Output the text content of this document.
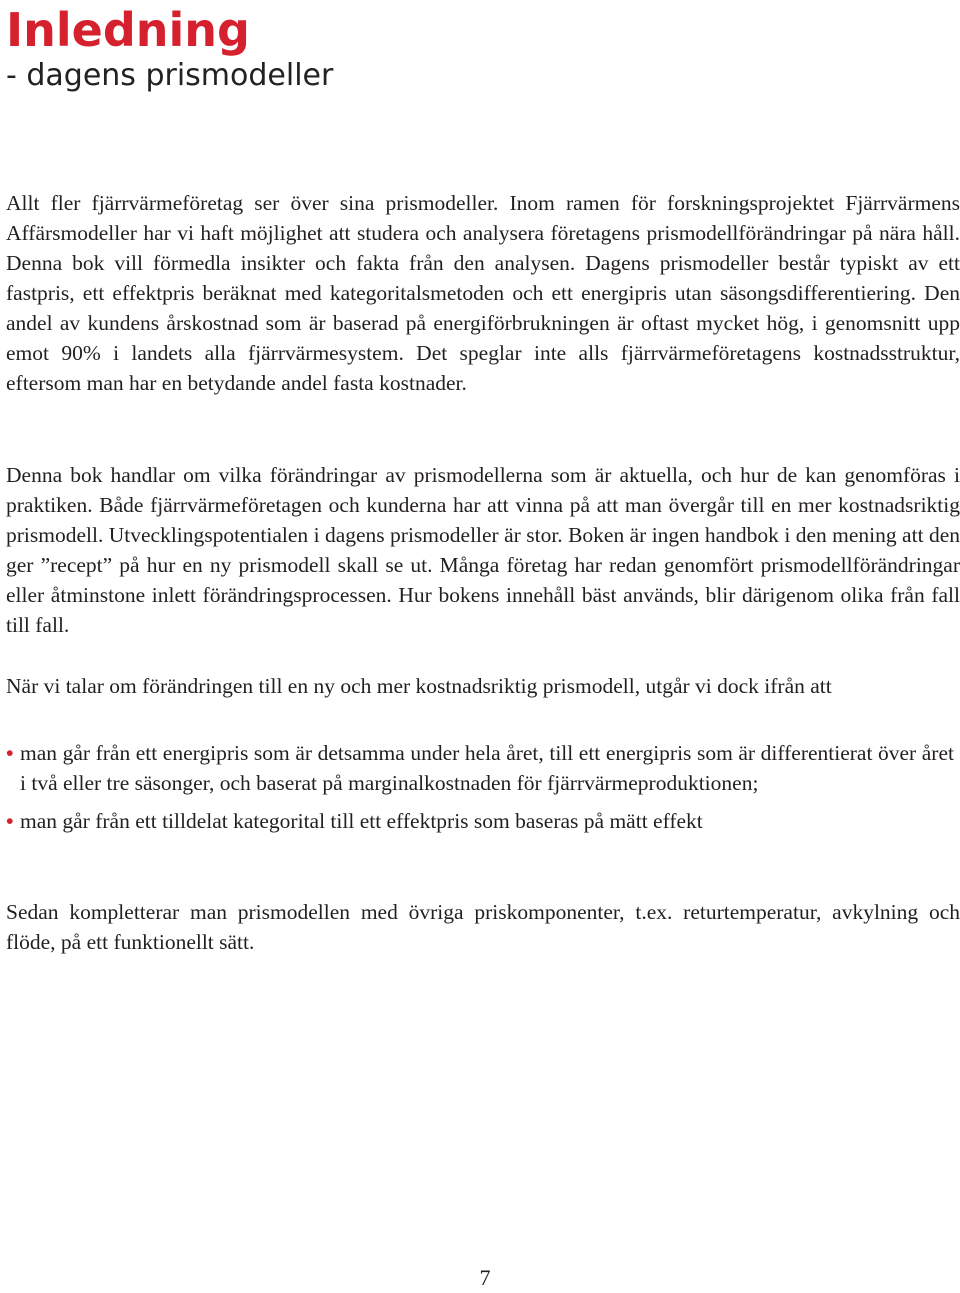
Inledning
- dagens prismodeller

Allt fler fjärrvärmeföretag ser över sina prismodeller. Inom ramen för forskningsprojektet Fjärrvärmens Affärsmodeller har vi haft möjlighet att studera och analysera företagens prismodellförändringar på nära håll. Denna bok vill förmedla insikter och fakta från den analysen. Dagens prismodeller består typiskt av ett fastpris, ett effektpris beräknat med kategoritalsmetoden och ett energipris utan säsongsdifferentiering. Den andel av kundens årskostnad som är baserad på energiförbrukningen är oftast mycket hög, i genomsnitt upp emot 90% i landets alla fjärrvärmesystem. Det speglar inte alls fjärrvärmeföretagens kostnadsstruktur, eftersom man har en betydande andel fasta kostnader.

Denna bok handlar om vilka förändringar av prismodellerna som är aktuella, och hur de kan genomföras i praktiken. Både fjärrvärmeföretagen och kunderna har att vinna på att man övergår till en mer kostnadsriktig prismodell. Utvecklingspotentialen i dagens prismodeller är stor. Boken är ingen handbok i den mening att den ger ”recept” på hur en ny prismodell skall se ut. Många företag har redan genomfört prismodellförändringar eller åtminstone inlett förändringsprocessen. Hur bokens innehåll bäst används, blir därigenom olika från fall till fall.

När vi talar om förändringen till en ny och mer kostnadsriktig prismodell, utgår vi dock ifrån att

• man går från ett energipris som är detsamma under hela året, till ett energipris som är differentierat över året i två eller tre säsonger, och baserat på marginalkostnaden för fjärrvärmeproduktionen;
• man går från ett tilldelat kategorital till ett effektpris som baseras på mätt effekt

Sedan kompletterar man prismodellen med övriga priskomponenter, t.ex. returtemperatur, avkylning och flöde, på ett funktionellt sätt.

7
